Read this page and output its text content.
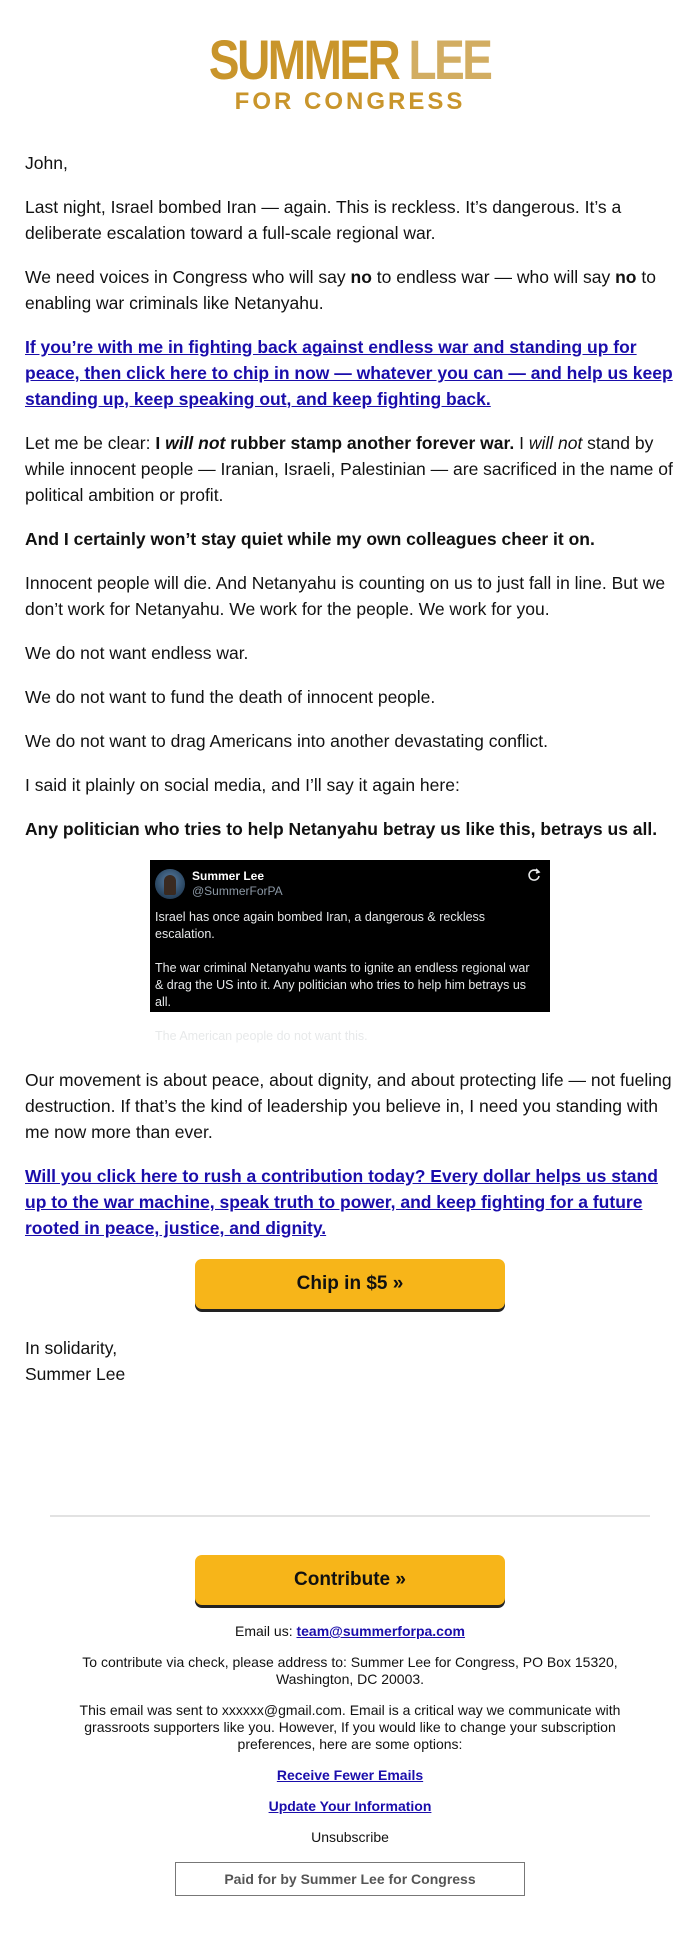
SUMMER LEE
FOR CONGRESS

John,

Last night, Israel bombed Iran — again. This is reckless. It’s dangerous. It’s a deliberate escalation toward a full-scale regional war.

We need voices in Congress who will say no to endless war — who will say no to enabling war criminals like Netanyahu.

If you’re with me in fighting back against endless war and standing up for peace, then click here to chip in now — whatever you can — and help us keep standing up, keep speaking out, and keep fighting back.

Let me be clear: I will not rubber stamp another forever war. I will not stand by while innocent people — Iranian, Israeli, Palestinian — are sacrificed in the name of political ambition or profit.

And I certainly won’t stay quiet while my own colleagues cheer it on.

Innocent people will die. And Netanyahu is counting on us to just fall in line. But we don’t work for Netanyahu. We work for the people. We work for you.

We do not want endless war.

We do not want to fund the death of innocent people.

We do not want to drag Americans into another devastating conflict.

I said it plainly on social media, and I’ll say it again here:

Any politician who tries to help Netanyahu betray us like this, betrays us all.

Summer Lee
@SummerForPA
Israel has once again bombed Iran, a dangerous & reckless escalation.
The war criminal Netanyahu wants to ignite an endless regional war & drag the US into it. Any politician who tries to help him betrays us all.
The American people do not want this.

Our movement is about peace, about dignity, and about protecting life — not fueling destruction. If that’s the kind of leadership you believe in, I need you standing with me now more than ever.

Will you click here to rush a contribution today? Every dollar helps us stand up to the war machine, speak truth to power, and keep fighting for a future rooted in peace, justice, and dignity.

Chip in $5 »
In solidarity,
Summer Lee
Contribute »

Email us: team@summerforpa.com

To contribute via check, please address to: Summer Lee for Congress, PO Box 15320, Washington, DC 20003.

This email was sent to xxxxxx@gmail.com. Email is a critical way we communicate with grassroots supporters like you. However, If you would like to change your subscription preferences, here are some options:

Receive Fewer Emails

Update Your Information

Unsubscribe

Paid for by Summer Lee for Congress
